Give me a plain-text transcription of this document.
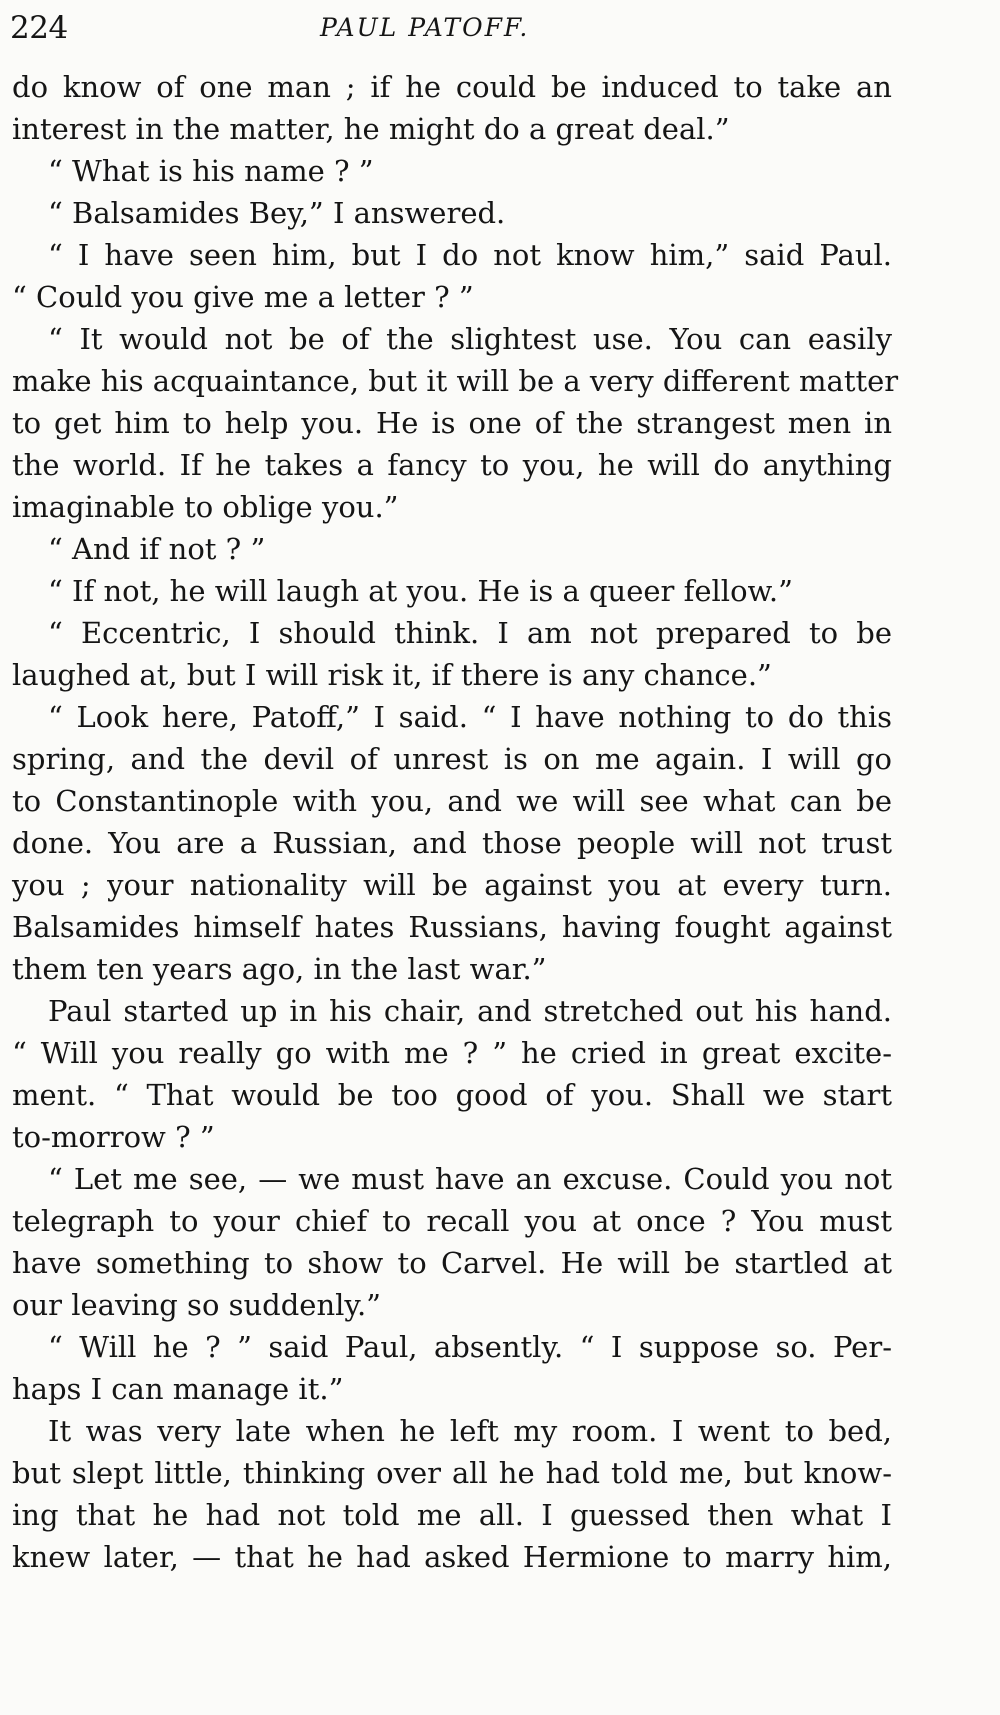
224	PAUL PATOFF.
do know of one man ; if he could be induced to take an
interest in the matter, he might do a great deal.”
“ What is his name ? ”
“ Balsamides Bey,” I answered.
“ I have seen him, but I do not know him,” said Paul.
“ Could you give me a letter ? ”
“ It would not be of the slightest use. You can easily
make his acquaintance, but it will be a very different matter
to get him to help you. He is one of the strangest men in
the world. If he takes a fancy to you, he will do anything
imaginable to oblige you.”
“ And if not ? ”
“ If not, he will laugh at you. He is a queer fellow.”
“ Eccentric, I should think. I am not prepared to be
laughed at, but I will risk it, if there is any chance.”
“ Look here, Patoff,” I said. “ I have nothing to do this
spring, and the devil of unrest is on me again. I will go
to Constantinople with you, and we will see what can be
done. You are a Russian, and those people will not trust
you ; your nationality will be against you at every turn.
Balsamides himself hates Russians, having fought against
them ten years ago, in the last war.”
Paul started up in his chair, and stretched out his hand.
“ Will you really go with me ? ” he cried in great excite-
ment. “ That would be too good of you. Shall we start
to-morrow ? ”
“ Let me see, — we must have an excuse. Could you not
telegraph to your chief to recall you at once ? You must
have something to show to Carvel. He will be startled at
our leaving so suddenly.”
“ Will he ? ” said Paul, absently. “ I suppose so. Per-
haps I can manage it.”
It was very late when he left my room. I went to bed,
but slept little, thinking over all he had told me, but know-
ing that he had not told me all. I guessed then what I
knew later, — that he had asked Hermione to marry him,
